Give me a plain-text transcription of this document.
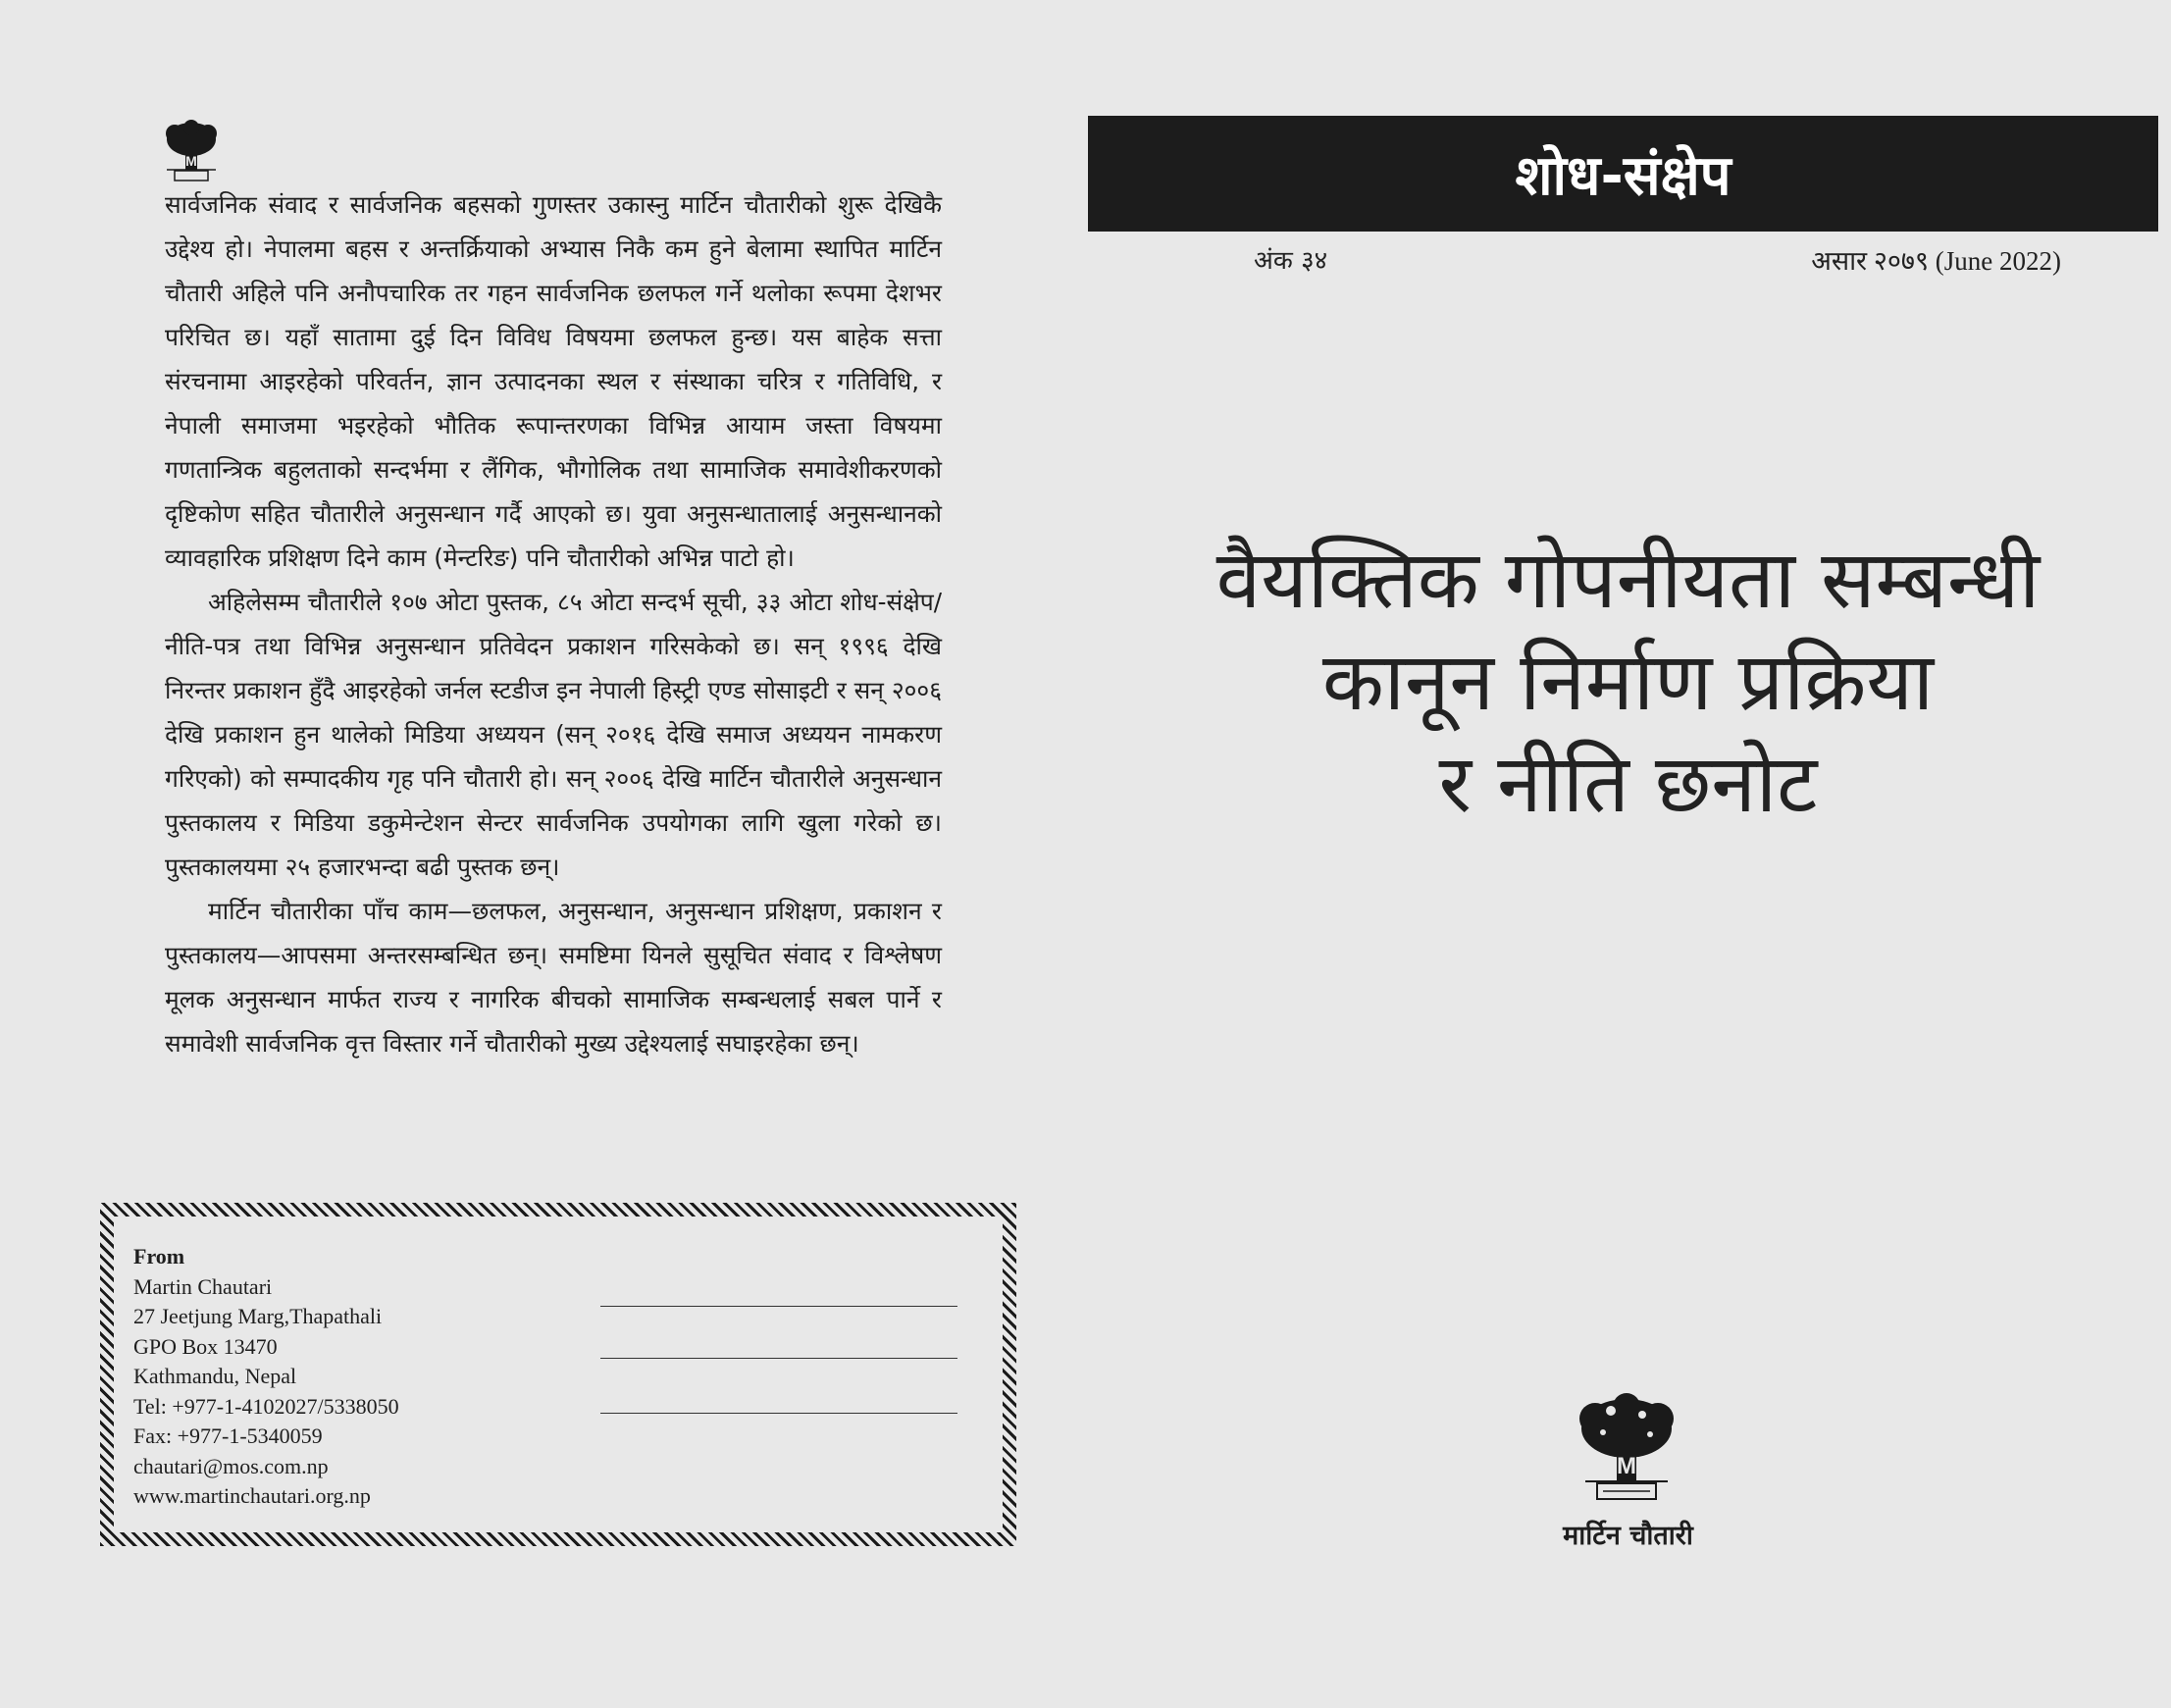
M

सार्वजनिक संवाद र सार्वजनिक बहसको गुणस्तर उकास्नु मार्टिन चौतारीको शुरू देखिकै उद्देश्य हो। नेपालमा बहस र अन्तर्क्रियाको अभ्यास निकै कम हुने बेलामा स्थापित मार्टिन चौतारी अहिले पनि अनौपचारिक तर गहन सार्वजनिक छलफल गर्ने थलोका रूपमा देशभर परिचित छ। यहाँ सातामा दुई दिन विविध विषयमा छलफल हुन्छ। यस बाहेक सत्ता संरचनामा आइरहेको परिवर्तन, ज्ञान उत्पादनका स्थल र संस्थाका चरित्र र गतिविधि, र नेपाली समाजमा भइरहेको भौतिक रूपान्तरणका विभिन्न आयाम जस्ता विषयमा गणतान्त्रिक बहुलताको सन्दर्भमा र लैंगिक, भौगोलिक तथा सामाजिक समावेशीकरणको दृष्टिकोण सहित चौतारीले अनुसन्धान गर्दै आएको छ। युवा अनुसन्धातालाई अनुसन्धानको व्यावहारिक प्रशिक्षण दिने काम (मेन्टरिङ) पनि चौतारीको अभिन्न पाटो हो।

अहिलेसम्म चौतारीले १०७ ओटा पुस्तक, ८५ ओटा सन्दर्भ सूची, ३३ ओटा शोध-संक्षेप/नीति-पत्र तथा विभिन्न अनुसन्धान प्रतिवेदन प्रकाशन गरिसकेको छ। सन् १९९६ देखि निरन्तर प्रकाशन हुँदै आइरहेको जर्नल स्टडीज इन नेपाली हिस्ट्री एण्ड सोसाइटी र सन् २००६ देखि प्रकाशन हुन थालेको मिडिया अध्ययन (सन् २०१६ देखि समाज अध्ययन नामकरण गरिएको) को सम्पादकीय गृह पनि चौतारी हो। सन् २००६ देखि मार्टिन चौतारीले अनुसन्धान पुस्तकालय र मिडिया डकुमेन्टेशन सेन्टर सार्वजनिक उपयोगका लागि खुला गरेको छ। पुस्तकालयमा २५ हजारभन्दा बढी पुस्तक छन्।

मार्टिन चौतारीका पाँच काम—छलफल, अनुसन्धान, अनुसन्धान प्रशिक्षण, प्रकाशन र पुस्तकालय—आपसमा अन्तरसम्बन्धित छन्। समष्टिमा यिनले सुसूचित संवाद र विश्लेषण मूलक अनुसन्धान मार्फत राज्य र नागरिक बीचको सामाजिक सम्बन्धलाई सबल पार्ने र समावेशी सार्वजनिक वृत्त विस्तार गर्ने चौतारीको मुख्य उद्देश्यलाई सघाइरहेका छन्।

From
Martin Chautari
27 Jeetjung Marg,Thapathali
GPO Box 13470
Kathmandu, Nepal
Tel: +977-1-4102027/5338050
Fax: +977-1-5340059
chautari@mos.com.np
www.martinchautari.org.np
शोध-संक्षेप
अंक ३४	असार २०७९ (June 2022)
वैयक्तिक गोपनीयता सम्बन्धी
कानून निर्माण प्रक्रिया
र नीति छनोट
M
मार्टिन चौतारी
